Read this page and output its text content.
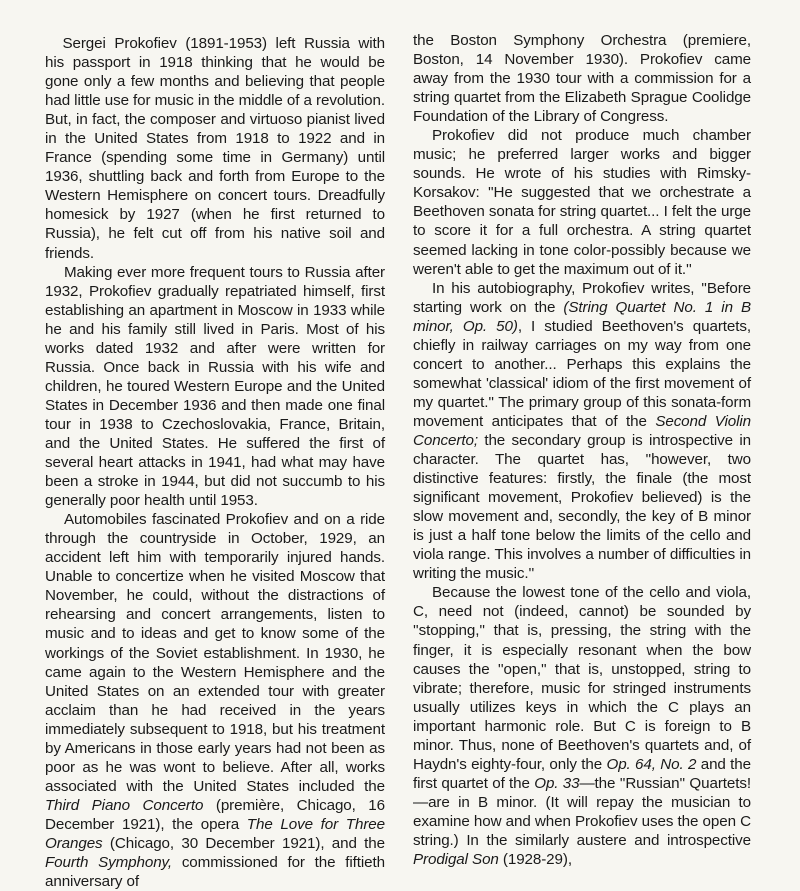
Sergei Prokofiev (1891-1953) left Russia with his passport in 1918 thinking that he would be gone only a few months and believing that people had little use for music in the middle of a revolution. But, in fact, the composer and virtuoso pianist lived in the United States from 1918 to 1922 and in France (spending some time in Germany) until 1936, shuttling back and forth from Europe to the Western Hemisphere on concert tours. Dreadfully homesick by 1927 (when he first returned to Russia), he felt cut off from his native soil and friends.

Making ever more frequent tours to Russia after 1932, Prokofiev gradually repatriated himself, first establishing an apartment in Moscow in 1933 while he and his family still lived in Paris. Most of his works dated 1932 and after were written for Russia. Once back in Russia with his wife and children, he toured Western Europe and the United States in December 1936 and then made one final tour in 1938 to Czechoslovakia, France, Britain, and the United States. He suffered the first of several heart attacks in 1941, had what may have been a stroke in 1944, but did not succumb to his generally poor health until 1953.

Automobiles fascinated Prokofiev and on a ride through the countryside in October, 1929, an accident left him with temporarily injured hands. Unable to concertize when he visited Moscow that November, he could, without the distractions of rehearsing and concert arrangements, listen to music and to ideas and get to know some of the workings of the Soviet establishment. In 1930, he came again to the Western Hemisphere and the United States on an extended tour with greater acclaim than he had received in the years immediately subsequent to 1918, but his treatment by Americans in those early years had not been as poor as he was wont to believe. After all, works associated with the United States included the Third Piano Concerto (première, Chicago, 16 December 1921), the opera The Love for Three Oranges (Chicago, 30 December 1921), and the Fourth Symphony, commissioned for the fiftieth anniversary of

the Boston Symphony Orchestra (premiere, Boston, 14 November 1930). Prokofiev came away from the 1930 tour with a commission for a string quartet from the Elizabeth Sprague Coolidge Foundation of the Library of Congress.

Prokofiev did not produce much chamber music; he preferred larger works and bigger sounds. He wrote of his studies with Rimsky-Korsakov: ''He suggested that we orchestrate a Beethoven sonata for string quartet... I felt the urge to score it for a full orchestra. A string quartet seemed lacking in tone color-possibly because we weren't able to get the maximum out of it.''

In his autobiography, Prokofiev writes, ''Before starting work on the (String Quartet No. 1 in B minor, Op. 50), I studied Beethoven's quartets, chiefly in railway carriages on my way from one concert to another... Perhaps this explains the somewhat 'classical' idiom of the first movement of my quartet.'' The primary group of this sonata-form movement anticipates that of the Second Violin Concerto; the secondary group is introspective in character. The quartet has, ''however, two distinctive features: firstly, the finale (the most significant movement, Prokofiev believed) is the slow movement and, secondly, the key of B minor is just a half tone below the limits of the cello and viola range. This involves a number of difficulties in writing the music.''

Because the lowest tone of the cello and viola, C, need not (indeed, cannot) be sounded by ''stopping,'' that is, pressing, the string with the finger, it is especially resonant when the bow causes the ''open,'' that is, unstopped, string to vibrate; therefore, music for stringed instruments usually utilizes keys in which the C plays an important harmonic role. But C is foreign to B minor. Thus, none of Beethoven's quartets and, of Haydn's eighty-four, only the Op. 64, No. 2 and the first quartet of the Op. 33—the ''Russian'' Quartets!—are in B minor. (It will repay the musician to examine how and when Prokofiev uses the open C string.) In the similarly austere and introspective Prodigal Son (1928-29),
